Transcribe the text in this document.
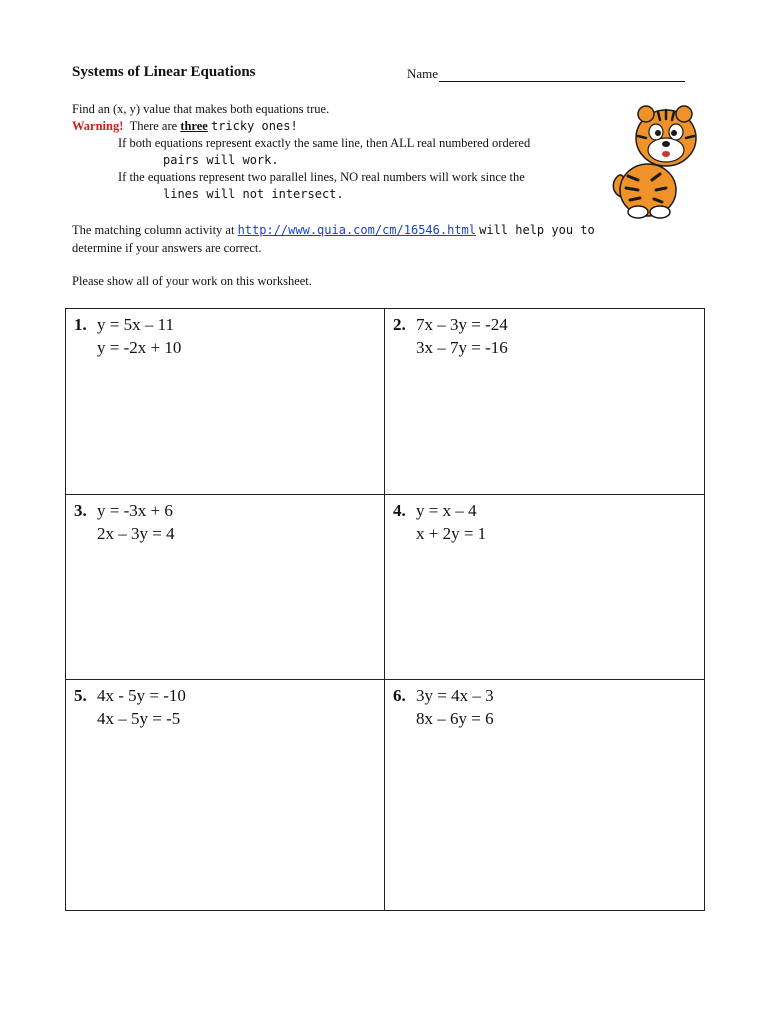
Systems of Linear Equations	Name
Find an (x, y) value that makes both equations true.
Warning! There are three tricky ones!
If both equations represent exactly the same line, then ALL real numbered ordered
pairs will work.
If the equations represent two parallel lines, NO real numbers will work since the
lines will not intersect.
The matching column activity at http://www.quia.com/cm/16546.html will help you to
determine if your answers are correct.
Please show all of your work on this worksheet.
1. y = 5x – 11
y = -2x + 10
2. 7x – 3y = -24
3x – 7y = -16
3. y = -3x + 6
2x – 3y = 4
4. y = x – 4
x + 2y = 1
5. 4x - 5y = -10
4x – 5y = -5
6. 3y = 4x – 3
8x – 6y = 6
